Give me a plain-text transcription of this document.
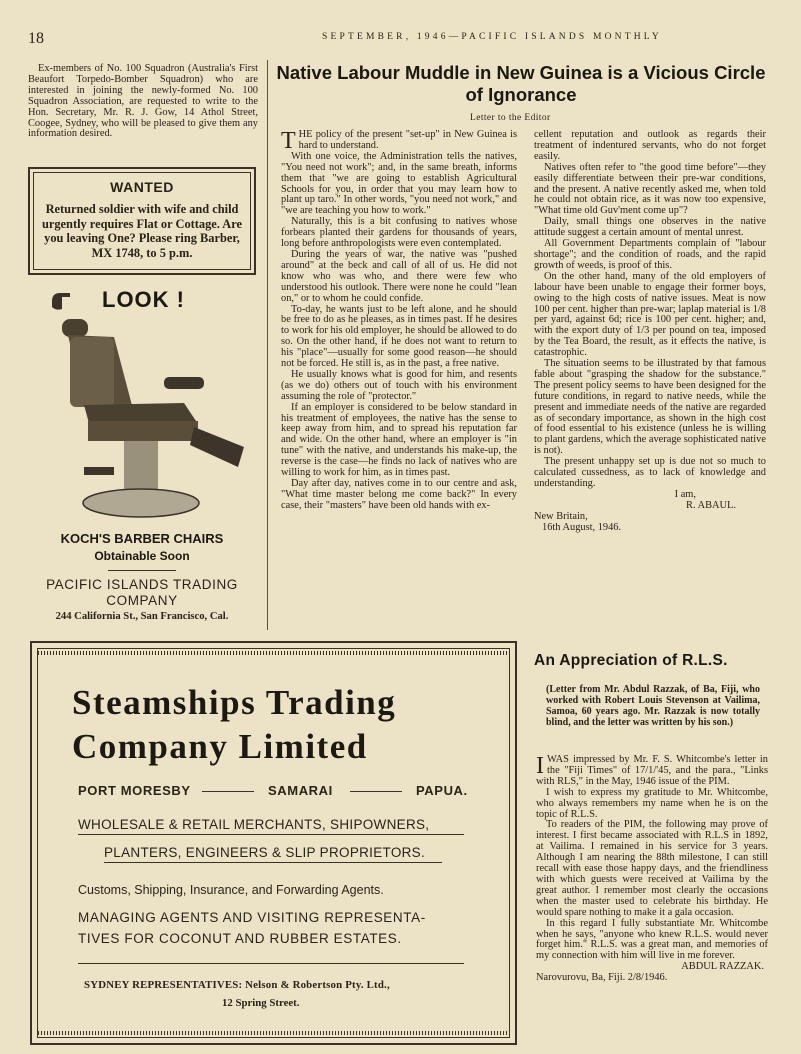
18	SEPTEMBER, 1946—PACIFIC ISLANDS MONTHLY

Ex-members of No. 100 Squadron (Australia's First Beaufort Torpedo-Bomber Squadron) who are interested in joining the newly-formed No. 100 Squadron Association, are requested to write to the Hon. Secretary, Mr. R. J. Gow, 14 Athol Street, Coogee, Sydney, who will be pleased to give them any information desired.

WANTED
Returned soldier with wife and child urgently requires Flat or Cottage. Are you leaving One? Please ring Barber, MX 1748, to 5 p.m.
LOOK !
KOCH'S BARBER CHAIRS
Obtainable Soon
PACIFIC ISLANDS TRADING COMPANY
244 California St., San Francisco, Cal.
Native Labour Muddle in New Guinea is a Vicious Circle of Ignorance
Letter to the Editor

THE policy of the present "set-up" in New Guinea is hard to understand.

With one voice, the Administration tells the natives, "You need not work"; and, in the same breath, informs them that "we are going to establish Agricultural Schools for you, in order that you may learn how to plant up taro." In other words, "you need not work," and "we are teaching you how to work."

Naturally, this is a bit confusing to natives whose forbears planted their gardens for thousands of years, long before anthropologists were even contemplated.

During the years of war, the native was "pushed around" at the beck and call of all of us. He did not know who was who, and there were few who understood his outlook. There were none he could "lean on," or to whom he could confide.

To-day, he wants just to be left alone, and he should be free to do as he pleases, as in times past. If he desires to work for his old employer, he should be allowed to do so. On the other hand, if he does not want to return to his "place"—usually for some good reason—he should not be forced. He still is, as in the past, a free native.

He usually knows what is good for him, and resents (as we do) others out of touch with his environment assuming the role of "protector."

If an employer is considered to be below standard in his treatment of employees, the native has the sense to keep away from him, and to spread his reputation far and wide. On the other hand, where an employer is "in tune" with the native, and understands his make-up, the reverse is the case—he finds no lack of natives who are willing to work for him, as in times past.

Day after day, natives come in to our centre and ask, "What time master belong me come back?" In every case, their "masters" have been old hands with ex-

cellent reputation and outlook as regards their treatment of indentured servants, who do not forget easily.

Natives often refer to "the good time before"—they easily differentiate between their pre-war conditions, and the present. A native recently asked me, when told he could not obtain rice, as it was now too expensive, "What time old Guv'ment come up"?

Daily, small things one observes in the native attitude suggest a certain amount of mental unrest.

All Government Departments complain of "labour shortage"; and the condition of roads, and the rapid growth of weeds, is proof of this.

On the other hand, many of the old employers of labour have been unable to engage their former boys, owing to the high costs of native issues. Meat is now 100 per cent. higher than pre-war; laplap material is 1/8 per yard, against 6d; rice is 100 per cent. higher; and, with the export duty of 1/3 per pound on tea, imposed by the Tea Board, the result, as it effects the native, is catastrophic.

The situation seems to be illustrated by that famous fable about "grasping the shadow for the substance." The present policy seems to have been designed for the future conditions, in regard to native needs, while the present and immediate needs of the native are regarded as of secondary importance, as shown in the high cost of food essential to his existence (unless he is willing to plant gardens, which the average sophisticated native is not).

The present unhappy set up is due not so much to calculated cussedness, as to lack of knowledge and understanding.

I am,
R. ABAUL.
New Britain,
16th August, 1946.
Steamships Trading
Company Limited
PORT MORESBY	SAMARAI	PAPUA.
WHOLESALE & RETAIL MERCHANTS, SHIPOWNERS,
PLANTERS, ENGINEERS & SLIP PROPRIETORS.
Customs, Shipping, Insurance, and Forwarding Agents.
MANAGING AGENTS AND VISITING REPRESENTA-
TIVES FOR COCONUT AND RUBBER ESTATES.
SYDNEY REPRESENTATIVES: Nelson & Robertson Pty. Ltd.,
12 Spring Street.
An Appreciation of R.L.S.
(Letter from Mr. Abdul Razzak, of Ba, Fiji, who worked with Robert Louis Stevenson at Vailima, Samoa, 60 years ago. Mr. Razzak is now totally blind, and the letter was written by his son.)

IWAS impressed by Mr. F. S. Whitcombe's letter in the "Fiji Times" of 17/1/'45, and the para., "Links with RLS," in the May, 1946 issue of the PIM.

I wish to express my gratitude to Mr. Whitcombe, who always remembers my name when he is on the topic of R.L.S.

To readers of the PIM, the following may prove of interest. I first became associated with R.L.S in 1892, at Vailima. I remained in his service for 3 years. Although I am nearing the 88th milestone, I can still recall with ease those happy days, and the friendliness with which guests were received at Vailima by the great author. I remember most clearly the occasions when the master used to celebrate his birthday. He would spare nothing to make it a gala occasion.

In this regard I fully substantiate Mr. Whitcombe when he says, "anyone who knew R.L.S. would never forget him." R.L.S. was a great man, and memories of my connection with him will live in me forever.

ABDUL RAZZAK.
Narovurovu, Ba, Fiji. 2/8/1946.
